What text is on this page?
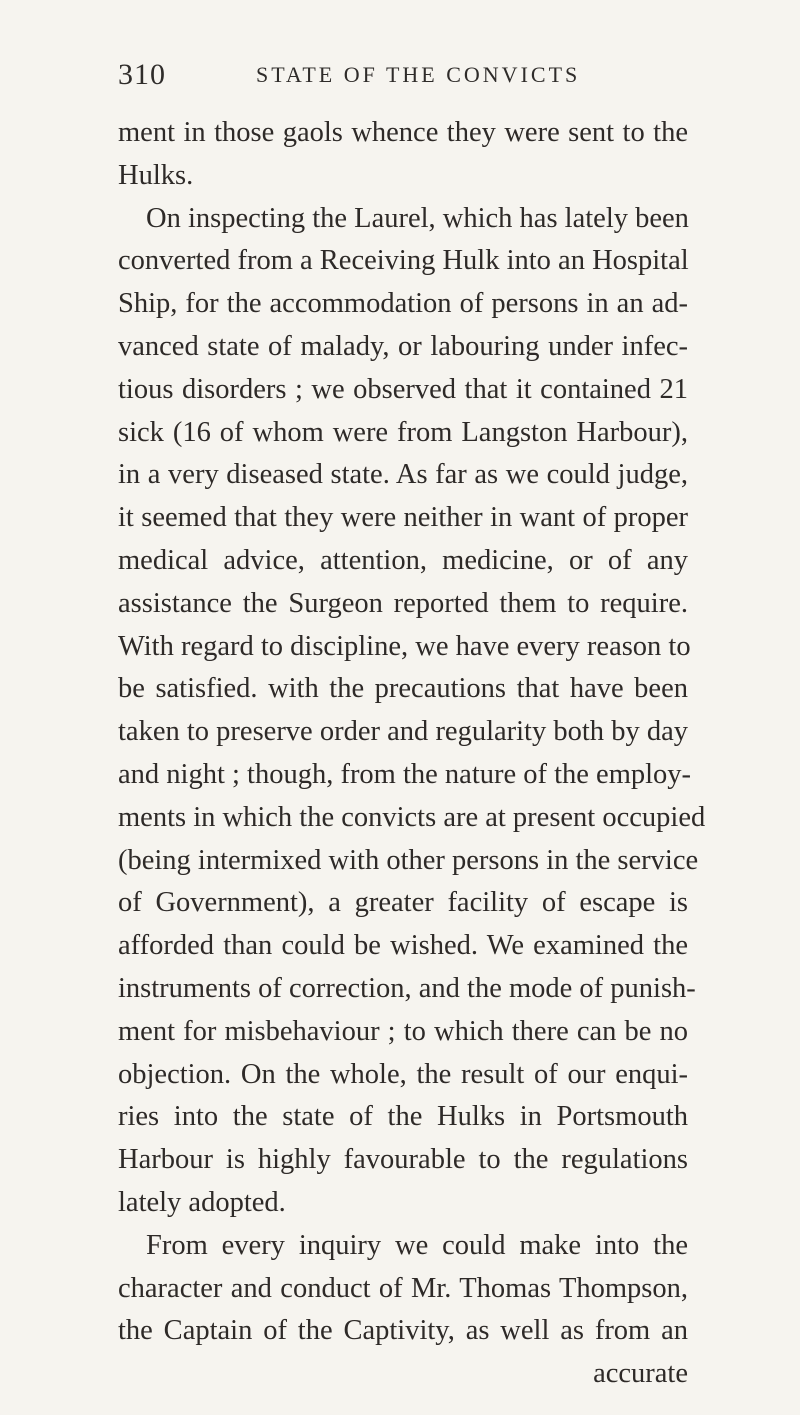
310	STATE OF THE CONVICTS
ment in those gaols whence they were sent to the
Hulks.
On inspecting the Laurel, which has lately been
converted from a Receiving Hulk into an Hospital
Ship, for the accommodation of persons in an ad-
vanced state of malady, or labouring under infec-
tious disorders ; we observed that it contained 21
sick (16 of whom were from Langston Harbour),
in a very diseased state. As far as we could judge,
it seemed that they were neither in want of proper
medical advice, attention, medicine, or of any
assistance the Surgeon reported them to require.
With regard to discipline, we have every reason to
be satisfied. with the precautions that have been
taken to preserve order and regularity both by day
and night ; though, from the nature of the employ-
ments in which the convicts are at present occupied
(being intermixed with other persons in the service
of Government), a greater facility of escape is
afforded than could be wished. We examined the
instruments of correction, and the mode of punish-
ment for misbehaviour ; to which there can be no
objection. On the whole, the result of our enqui-
ries into the state of the Hulks in Portsmouth
Harbour is highly favourable to the regulations
lately adopted.
From every inquiry we could make into the
character and conduct of Mr. Thomas Thompson,
the Captain of the Captivity, as well as from an
accurate
